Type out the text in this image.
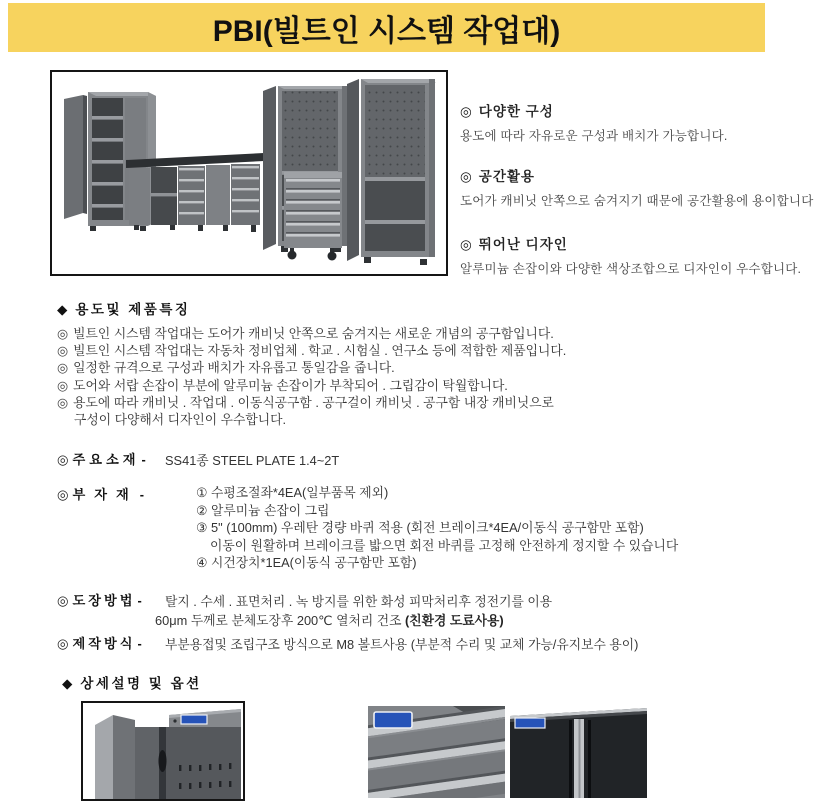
PBI(빌트인 시스템 작업대)
◎ 다양한 구성
용도에 따라 자유로운 구성과 배치가 가능합니다.
◎ 공간활용
도어가 캐비닛 안쪽으로 숨겨지기 때문에 공간활용에 용이합니다
◎ 뛰어난 디자인
알루미늄 손잡이와 다양한 색상조합으로 디자인이 우수합니다.
◆ 용도및 제품특징
◎ 빌트인 시스템 작업대는 도어가 캐비닛 안쪽으로 숨겨지는 새로운 개념의 공구함입니다.
◎ 빌트인 시스템 작업대는 자동차 정비업체 . 학교 . 시험실 . 연구소 등에 적합한 제품입니다.
◎ 일정한 규격으로 구성과 배치가 자유롭고 통일감을 줍니다.
◎ 도어와 서랍 손잡이 부분에 알루미늄 손잡이가 부착되어 . 그립감이 탁월합니다.
◎ 용도에 따라 캐비닛 . 작업대 . 이동식공구함 . 공구걸이 캐비닛 . 공구함 내장 캐비닛으로
구성이 다양해서 디자인이 우수합니다.
◎ 주요소재 - SS41종 STEEL PLATE 1.4~2T
◎ 부자재 -	① 수평조절좌*4EA(일부품목 제외)
② 알루미늄 손잡이 그립
③ 5" (100mm) 우레탄 경량 바퀴 적용 (회전 브레이크*4EA/이동식 공구함만 포함)
이동이 원활하며 브레이크를 밟으면 회전 바퀴를 고정해 안전하게 정지할 수 있습니다
④ 시건장치*1EA(이동식 공구함만 포함)
◎ 도장방법 - 탈지 . 수세 . 표면처리 . 녹 방지를 위한 화성 피막처리후 정전기를 이용
60μm 두께로 분체도장후 200℃ 열처리 건조 (친환경 도료사용)
◎ 제작방식 - 부분용접및 조립구조 방식으로 M8 볼트사용 (부분적 수리 및 교체 가능/유지보수 용이)
◆ 상세설명 및 옵션
